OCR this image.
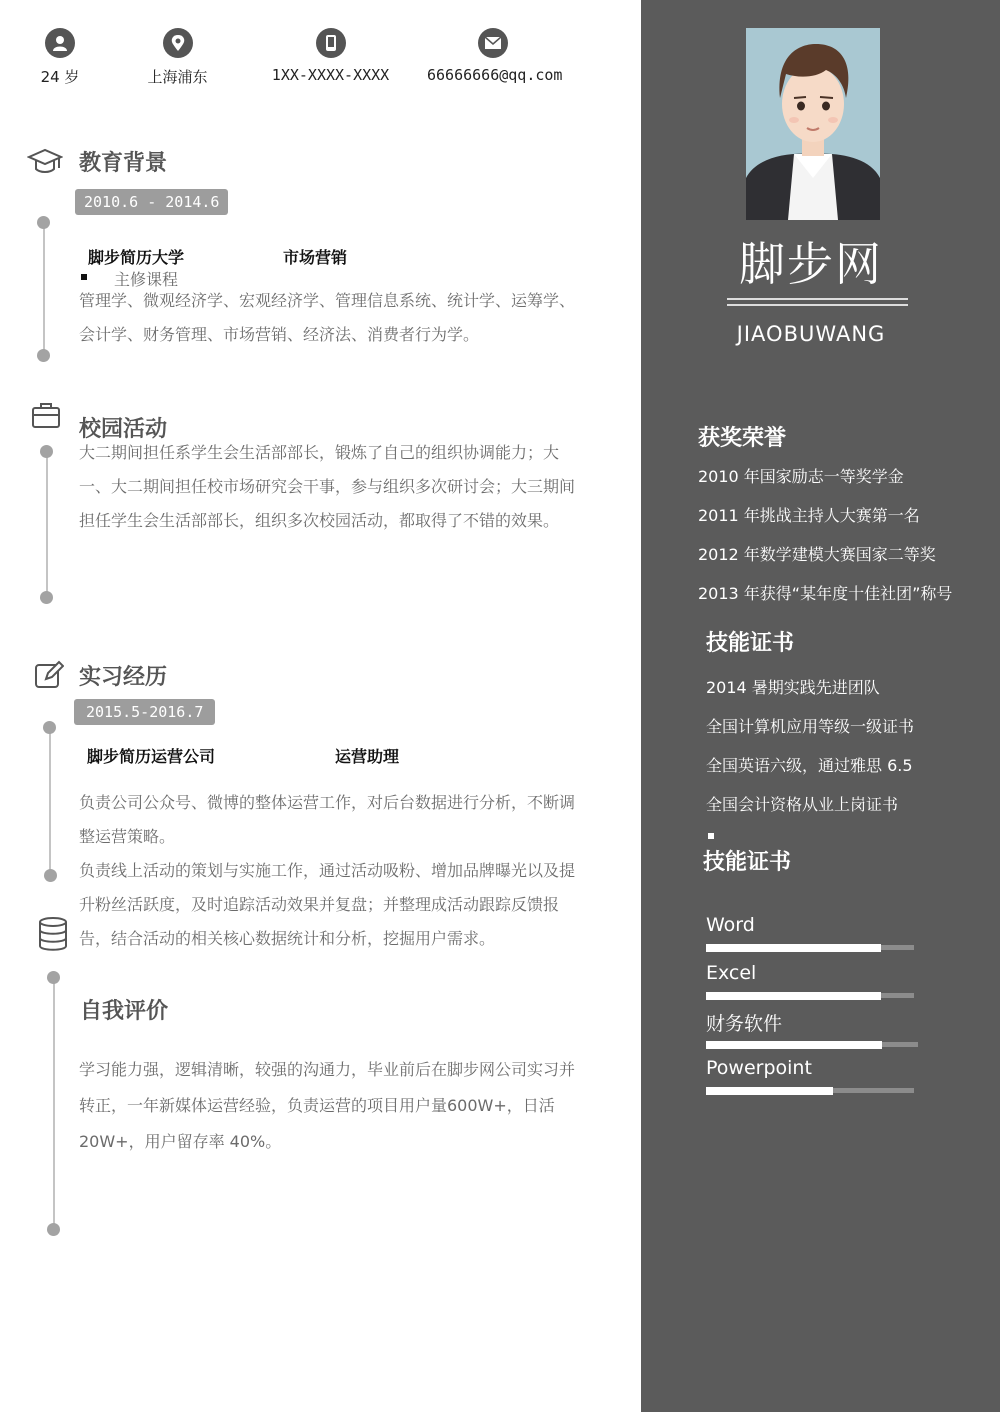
24 岁	上海浦东	1XX-XXXX-XXXX	66666666@qq.com
教育背景
2010.6 - 2014.6
脚步简历大学	市场营销
主修课程
管理学、微观经济学、宏观经济学、管理信息系统、统计学、运筹学、会计学、财务管理、市场营销、经济法、消费者行为学。
校园活动
大二期间担任系学生会生活部部长，锻炼了自己的组织协调能力；大一、大二期间担任校市场研究会干事，参与组织多次研讨会；大三期间担任学生会生活部部长，组织多次校园活动，都取得了不错的效果。
实习经历
2015.5-2016.7
脚步简历运营公司	运营助理
负责公司公众号、微博的整体运营工作，对后台数据进行分析，不断调整运营策略。
负责线上活动的策划与实施工作，通过活动吸粉、增加品牌曝光以及提升粉丝活跃度，及时追踪活动效果并复盘；并整理成活动跟踪反馈报告，结合活动的相关核心数据统计和分析，挖掘用户需求。
自我评价
学习能力强，逻辑清晰，较强的沟通力，毕业前后在脚步网公司实习并转正，一年新媒体运营经验，负责运营的项目用户量600W+，日活 20W+，用户留存率 40%。
脚步网
JIAOBUWANG
获奖荣誉
2010 年国家励志一等奖学金
2011 年挑战主持人大赛第一名
2012 年数学建模大赛国家二等奖
2013 年获得“某年度十佳社团”称号
技能证书
2014 暑期实践先进团队
全国计算机应用等级一级证书
全国英语六级，通过雅思 6.5
全国会计资格从业上岗证书
技能证书
Word
Excel
财务软件
Powerpoint
